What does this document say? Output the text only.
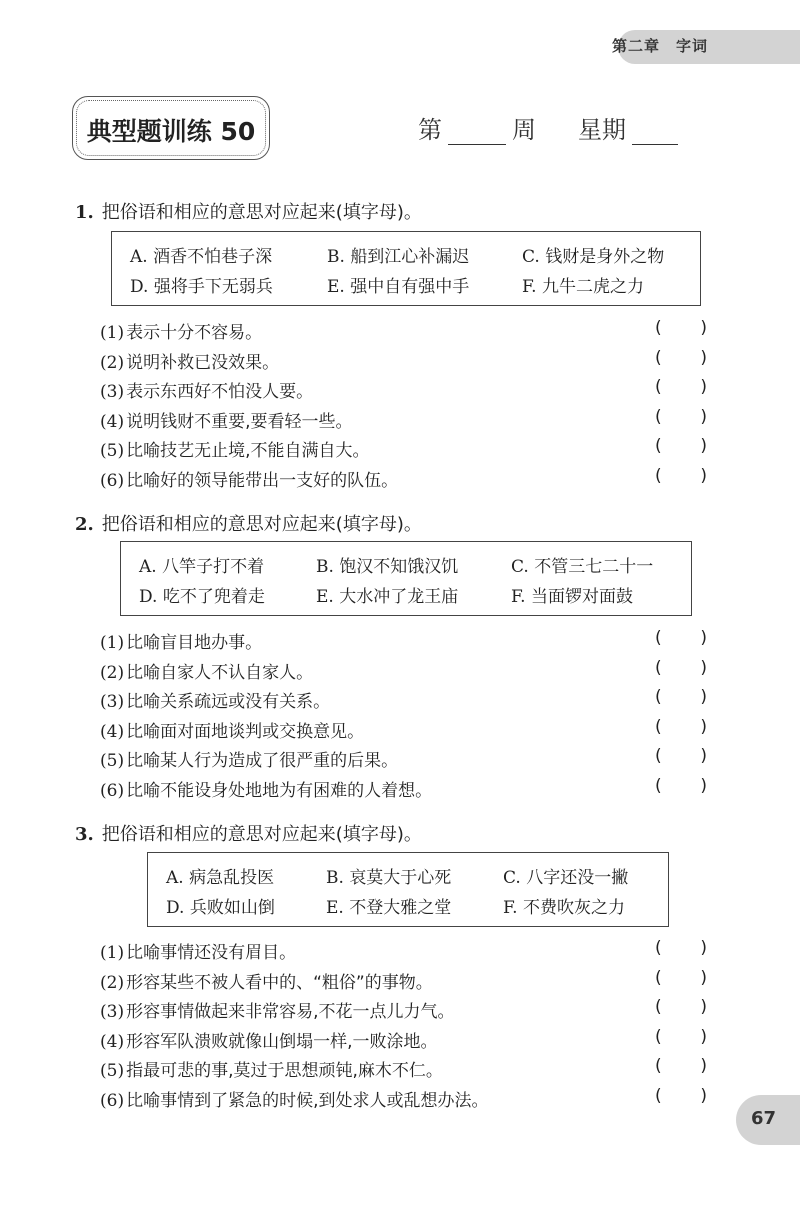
第二章　字词
典型题训练 50	第	周 星期
1. 把俗语和相应的意思对应起来(填字母)。
A. 酒香不怕巷子深	B. 船到江心补漏迟	C. 钱财是身外之物
D. 强将手下无弱兵	E. 强中自有强中手	F. 九牛二虎之力
(1) 表示十分不容易。	( )
(2) 说明补救已没效果。	( )
(3) 表示东西好不怕没人要。	( )
(4) 说明钱财不重要,要看轻一些。	( )
(5) 比喻技艺无止境,不能自满自大。	( )
(6) 比喻好的领导能带出一支好的队伍。	( )
2. 把俗语和相应的意思对应起来(填字母)。
A. 八竿子打不着	B. 饱汉不知饿汉饥	C. 不管三七二十一
D. 吃不了兜着走	E. 大水冲了龙王庙	F. 当面锣对面鼓
(1) 比喻盲目地办事。	( )
(2) 比喻自家人不认自家人。	( )
(3) 比喻关系疏远或没有关系。	( )
(4) 比喻面对面地谈判或交换意见。	( )
(5) 比喻某人行为造成了很严重的后果。	( )
(6) 比喻不能设身处地地为有困难的人着想。	( )
3. 把俗语和相应的意思对应起来(填字母)。
A. 病急乱投医	B. 哀莫大于心死	C. 八字还没一撇
D. 兵败如山倒	E. 不登大雅之堂	F. 不费吹灰之力
(1) 比喻事情还没有眉目。	( )
(2) 形容某些不被人看中的、“粗俗”的事物。	( )
(3) 形容事情做起来非常容易,不花一点儿力气。	( )
(4) 形容军队溃败就像山倒塌一样,一败涂地。	( )
(5) 指最可悲的事,莫过于思想顽钝,麻木不仁。	( )
(6) 比喻事情到了紧急的时候,到处求人或乱想办法。	( )
67
